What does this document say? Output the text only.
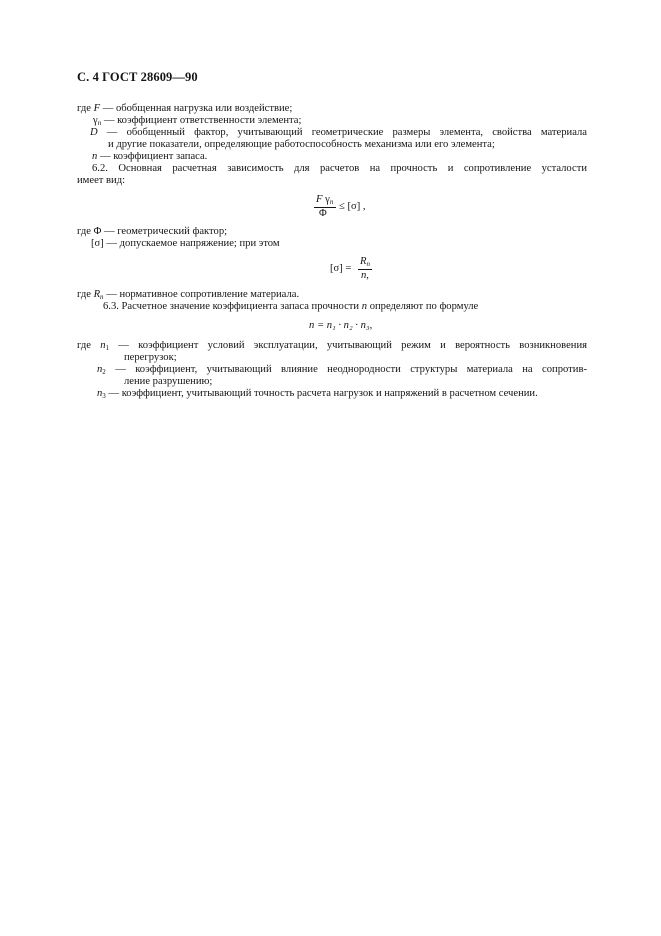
С. 4 ГОСТ 28609—90
где F — обобщенная нагрузка или воздействие;
$\gamma_n$ — коэффициент ответственности элемента;
D — обобщенный фактор, учитывающий геометрические размеры элемента, свойства материала
и другие показатели, определяющие работоспособность механизма или его элемента;
n — коэффициент запаса.
6.2. Основная расчетная зависимость для расчетов на прочность и сопротивление усталости
имеет вид:
F $\gamma_n$
Φ
≤ [σ] ,
где Φ — геометрический фактор;
[σ] — допускаемое напряжение; при этом
[σ] =
$R_n$
n,
где $R_n$ — нормативное сопротивление материала.
6.3. Расчетное значение коэффициента запаса прочности n определяют по формуле
n = n₁ · n₂ · n₃,
где $n_1$ — коэффициент условий эксплуатации, учитывающий режим и вероятность возникновения
перегрузок;
$n_2$ — коэффициент, учитывающий влияние неоднородности структуры материала на сопротив-
ление разрушению;
$n_3$ — коэффициент, учитывающий точность расчета нагрузок и напряжений в расчетном сечении.
